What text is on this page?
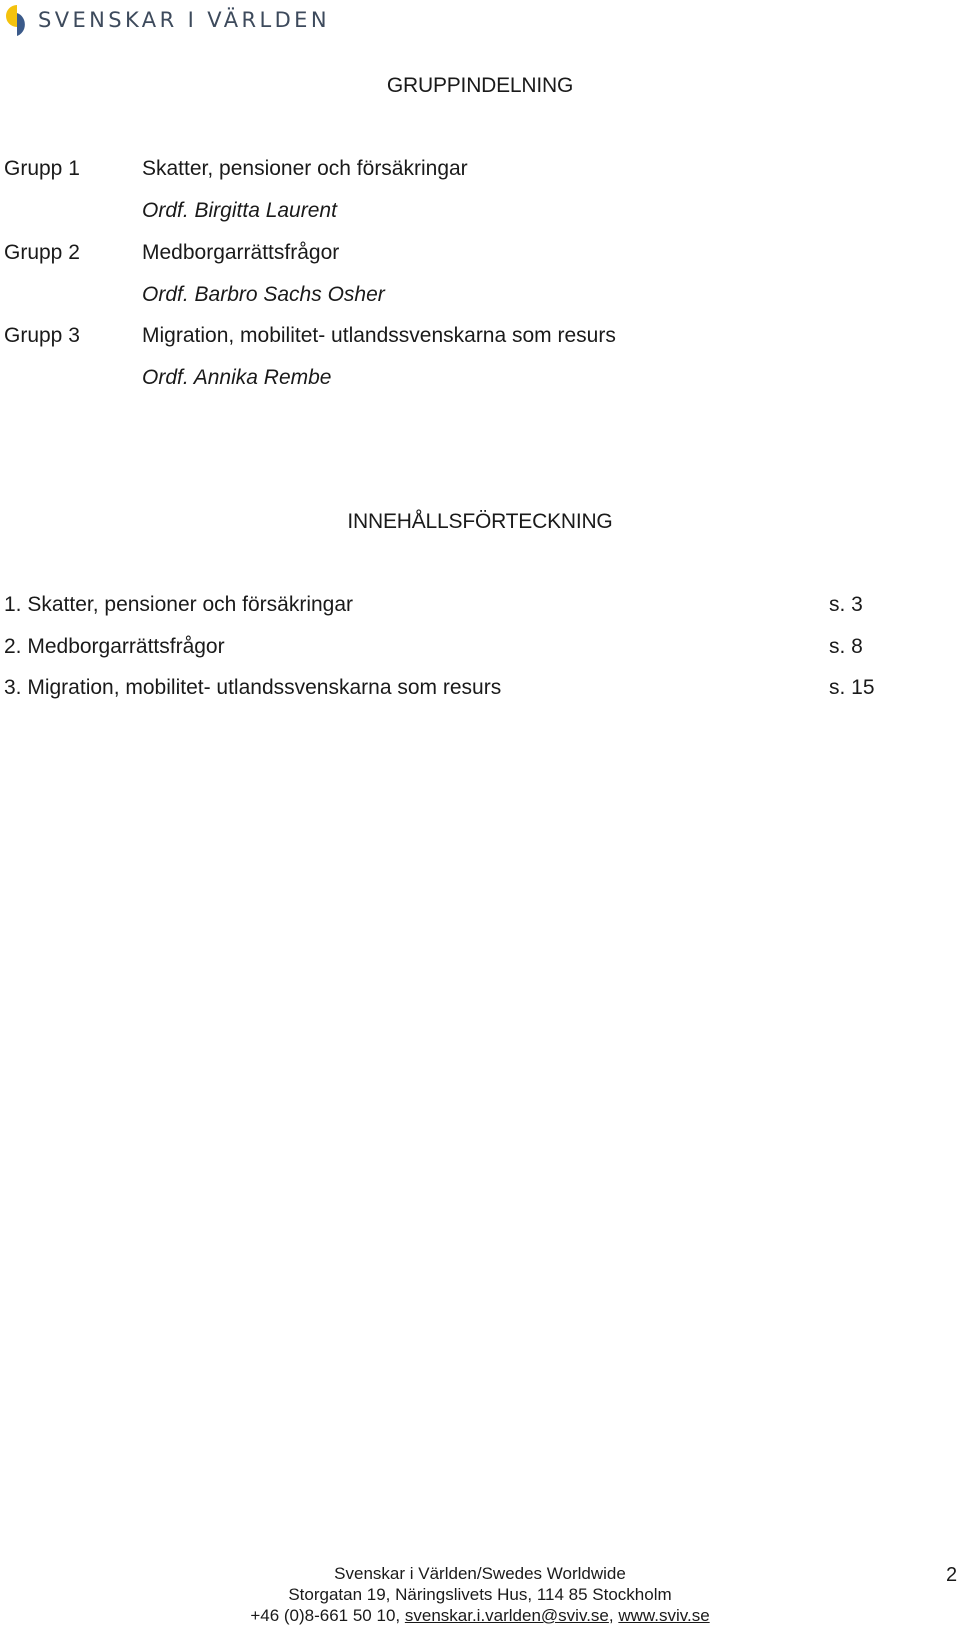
SVENSKAR I VÄRLDEN
GRUPPINDELNING
Grupp 1	Skatter, pensioner och försäkringar
Ordf. Birgitta Laurent
Grupp 2	Medborgarrättsfrågor
Ordf. Barbro Sachs Osher
Grupp 3	Migration, mobilitet- utlandssvenskarna som resurs
Ordf. Annika Rembe
INNEHÅLLSFÖRTECKNING
1. Skatter, pensioner och försäkringar	s. 3
2. Medborgarrättsfrågor	s. 8
3. Migration, mobilitet- utlandssvenskarna som resurs	s. 15
Svenskar i Världen/Swedes Worldwide
Storgatan 19, Näringslivets Hus, 114 85 Stockholm
+46 (0)8-661 50 10, svenskar.i.varlden@sviv.se, www.sviv.se
2
